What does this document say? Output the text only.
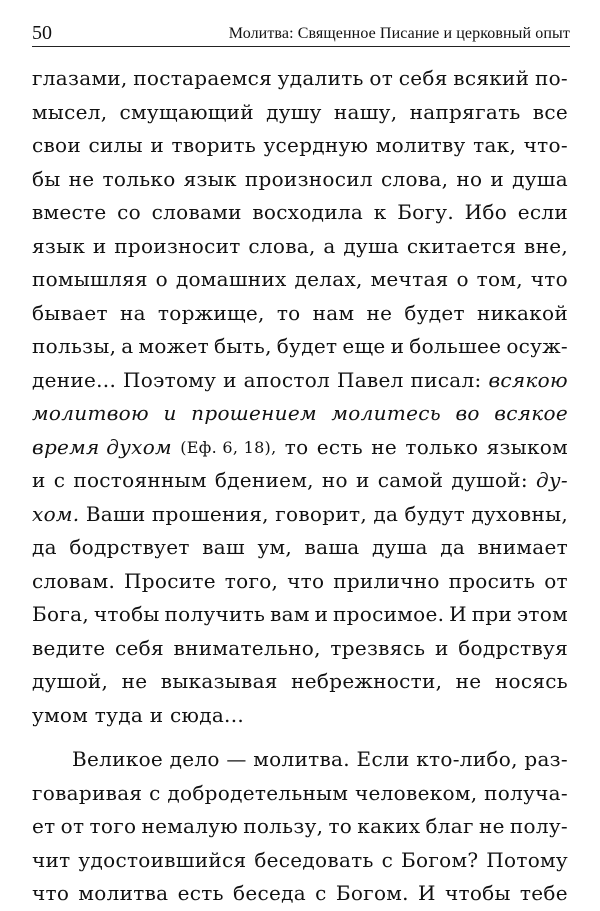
50	Молитва: Священное Писание и церковный опыт
глазами, постараемся удалить от себя всякий по-
мысел, смущающий душу нашу, напрягать все
свои силы и творить усердную молитву так, что-
бы не только язык произносил слова, но и душа
вместе со словами восходила к Богу. Ибо если
язык и произносит слова, а душа скитается вне,
помышляя о домашних делах, мечтая о том, что
бывает на торжище, то нам не будет никакой
пользы, а может быть, будет еще и большее осуж-
дение... Поэтому и апостол Павел писал: всякою
молитвою и прошением молитесь во всякое
время духом (Еф. 6, 18), то есть не только языком
и с постоянным бдением, но и самой душой: ду-
хом. Ваши прошения, говорит, да будут духовны,
да бодрствует ваш ум, ваша душа да внимает
словам. Просите того, что прилично просить от
Бога, чтобы получить вам и просимое. И при этом
ведите себя внимательно, трезвясь и бодрствуя
душой, не выказывая небрежности, не носясь
умом туда и сюда...
Великое дело — молитва. Если кто-либо, раз-
говаривая с добродетельным человеком, получа-
ет от того немалую пользу, то каких благ не полу-
чит удостоившийся беседовать с Богом? Потому
что молитва есть беседа с Богом. И чтобы тебе
